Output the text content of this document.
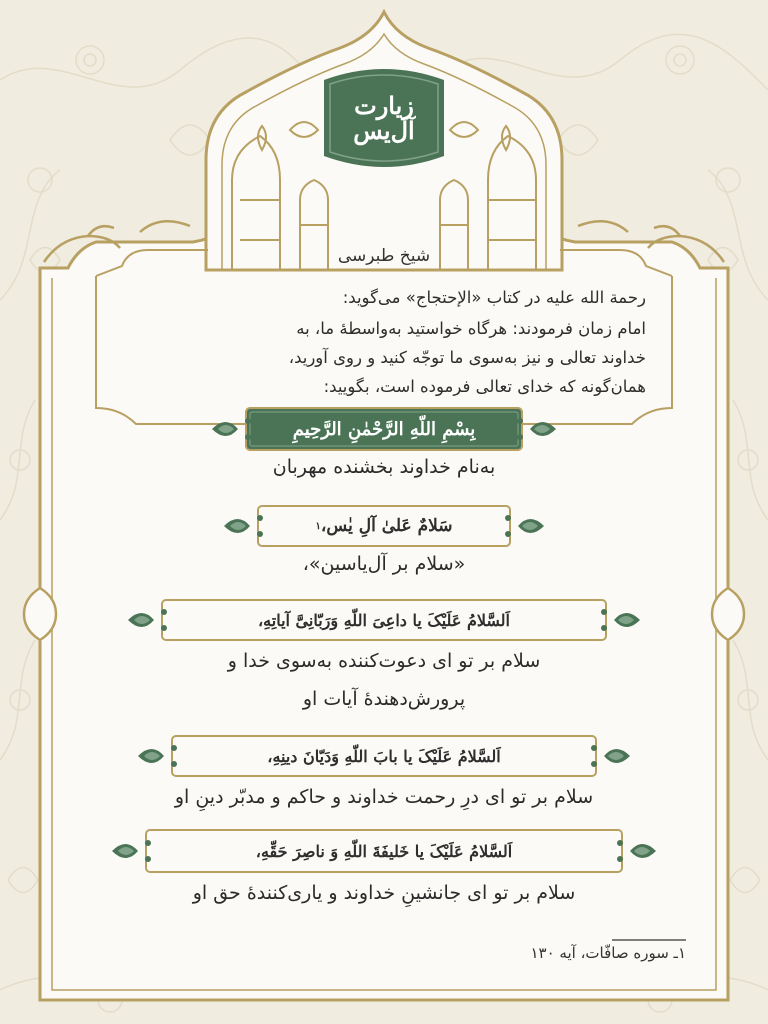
زیارت
آل‌یس
شیخ طبرسی
رحمة الله علیه در کتاب «الإحتجاج» می‌گوید:
امام زمان فرمودند: هرگاه خواستید به‌واسطهٔ ما، به
خداوند تعالی و نیز به‌سوی ما توجّه کنید و روی آورید،
همان‌گونه که خدای تعالی فرموده است، بگویید:
بِسْمِ اللّهِ الرَّحْمٰنِ الرَّحِیمِ
به‌نام خداوند بخشنده مهربان
سَلامٌ عَلیٰ آلِ یٰس،
۱
«سلام بر آل‌یاسین»،
اَلسَّلامُ عَلَیْکَ یا داعِیَ اللّهِ وَرَبّانِیَّ آیاتِهِ،
سلام بر تو ای دعوت‌کننده به‌سوی خدا و
پرورش‌دهندهٔ آیات او
اَلسَّلامُ عَلَیْکَ یا بابَ اللّهِ وَدَیّانَ دینِهِ،
سلام بر تو ای درِ رحمت خداوند و حاکم و مدبّر دینِ او
اَلسَّلامُ عَلَیْکَ یا خَلیفَةَ اللّهِ وَ ناصِرَ حَقِّهِ،
سلام بر تو ای جانشینِ خداوند و یاری‌کنندهٔ حق او
۱ـ سوره صافّات، آیه ۱۳۰
